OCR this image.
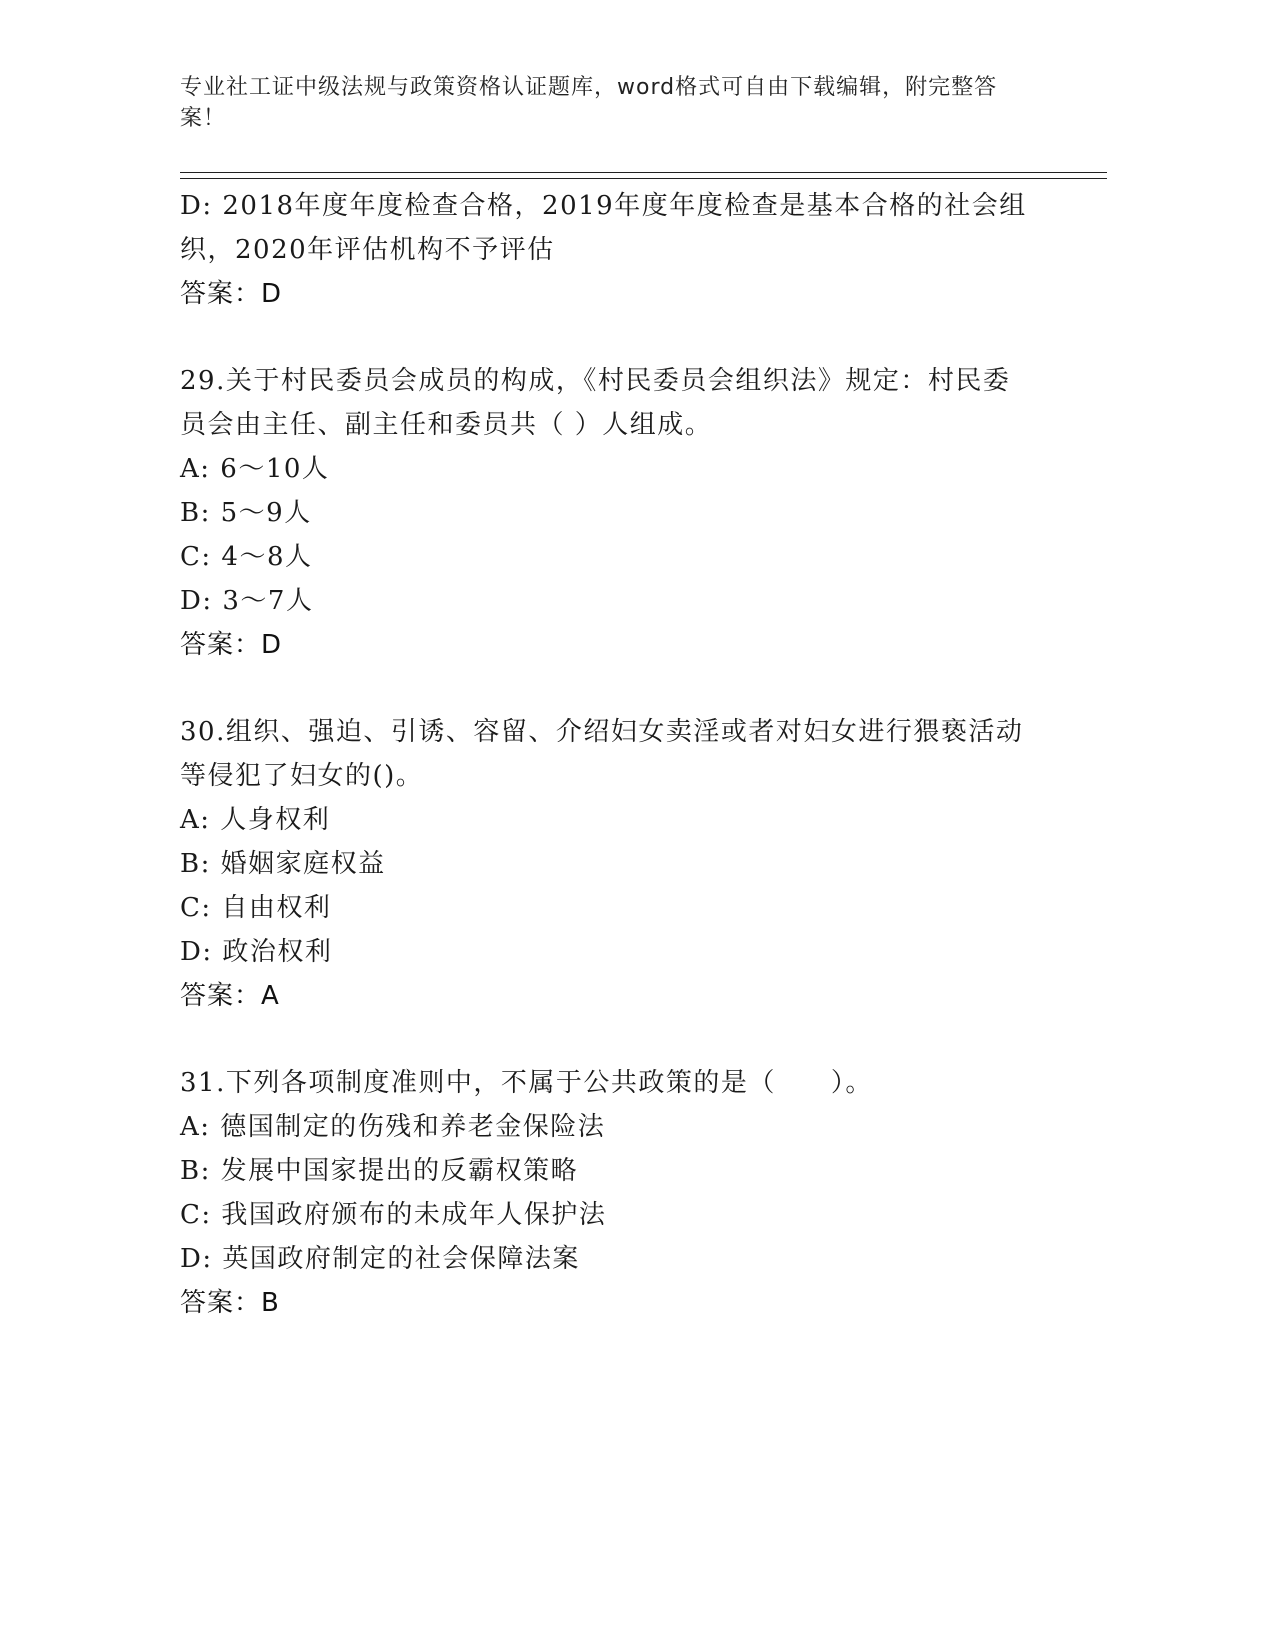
专业社工证中级法规与政策资格认证题库，word格式可自由下载编辑，附完整答
案！
D: 2018年度年度检查合格，2019年度年度检查是基本合格的社会组
织，2020年评估机构不予评估
答案：D
29.关于村民委员会成员的构成，《村民委员会组织法》规定：村民委
员会由主任、副主任和委员共（ ）人组成。
A: 6～10人
B: 5～9人
C: 4～8人
D: 3～7人
答案：D
30.组织、强迫、引诱、容留、介绍妇女卖淫或者对妇女进行猥亵活动
等侵犯了妇女的()。
A: 人身权利
B: 婚姻家庭权益
C: 自由权利
D: 政治权利
答案：A
31.下列各项制度准则中，不属于公共政策的是（　　）。
A: 德国制定的伤残和养老金保险法
B: 发展中国家提出的反霸权策略
C: 我国政府颁布的未成年人保护法
D: 英国政府制定的社会保障法案
答案：B
